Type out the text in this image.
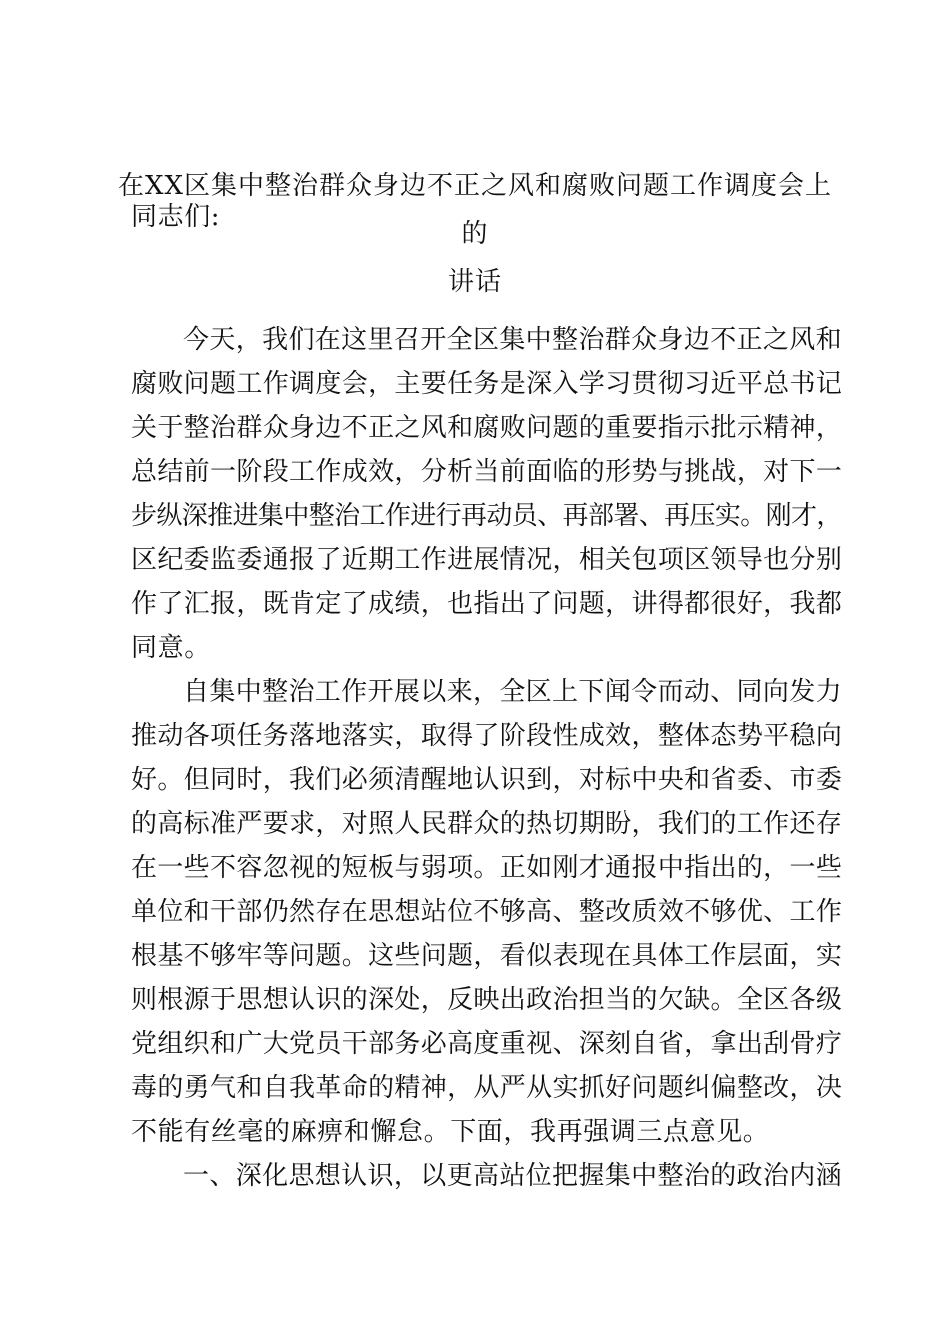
在XX区集中整治群众身边不正之风和腐败问题工作调度会上的
讲话
同志们:
今天，我们在这里召开全区集中整治群众身边不正之风和
腐败问题工作调度会，主要任务是深入学习贯彻习近平总书记
关于整治群众身边不正之风和腐败问题的重要指示批示精神，
总结前一阶段工作成效，分析当前面临的形势与挑战，对下一
步纵深推进集中整治工作进行再动员、再部署、再压实。刚才，
区纪委监委通报了近期工作进展情况，相关包项区领导也分别
作了汇报，既肯定了成绩，也指出了问题，讲得都很好，我都
同意。
自集中整治工作开展以来，全区上下闻令而动、同向发力
推动各项任务落地落实，取得了阶段性成效，整体态势平稳向
好。但同时，我们必须清醒地认识到，对标中央和省委、市委
的高标准严要求，对照人民群众的热切期盼，我们的工作还存
在一些不容忽视的短板与弱项。正如刚才通报中指出的，一些
单位和干部仍然存在思想站位不够高、整改质效不够优、工作
根基不够牢等问题。这些问题，看似表现在具体工作层面，实
则根源于思想认识的深处，反映出政治担当的欠缺。全区各级
党组织和广大党员干部务必高度重视、深刻自省，拿出刮骨疗
毒的勇气和自我革命的精神，从严从实抓好问题纠偏整改，决
不能有丝毫的麻痹和懈怠。下面，我再强调三点意见。
一、深化思想认识，以更高站位把握集中整治的政治内涵
